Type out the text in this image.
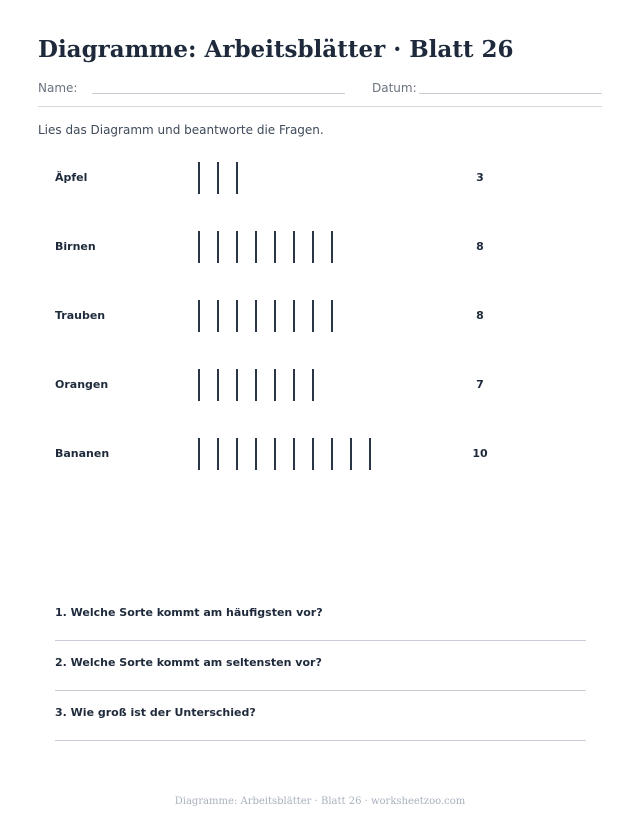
Diagramme: Arbeitsblätter · Blatt 26
Name:	Datum:
Lies das Diagramm und beantworte die Fragen.
Äpfel	3
Birnen	8
Trauben	8
Orangen	7
Bananen	10
1. Welche Sorte kommt am häufigsten vor?
2. Welche Sorte kommt am seltensten vor?
3. Wie groß ist der Unterschied?
Diagramme: Arbeitsblätter · Blatt 26 · worksheetzoo.com
